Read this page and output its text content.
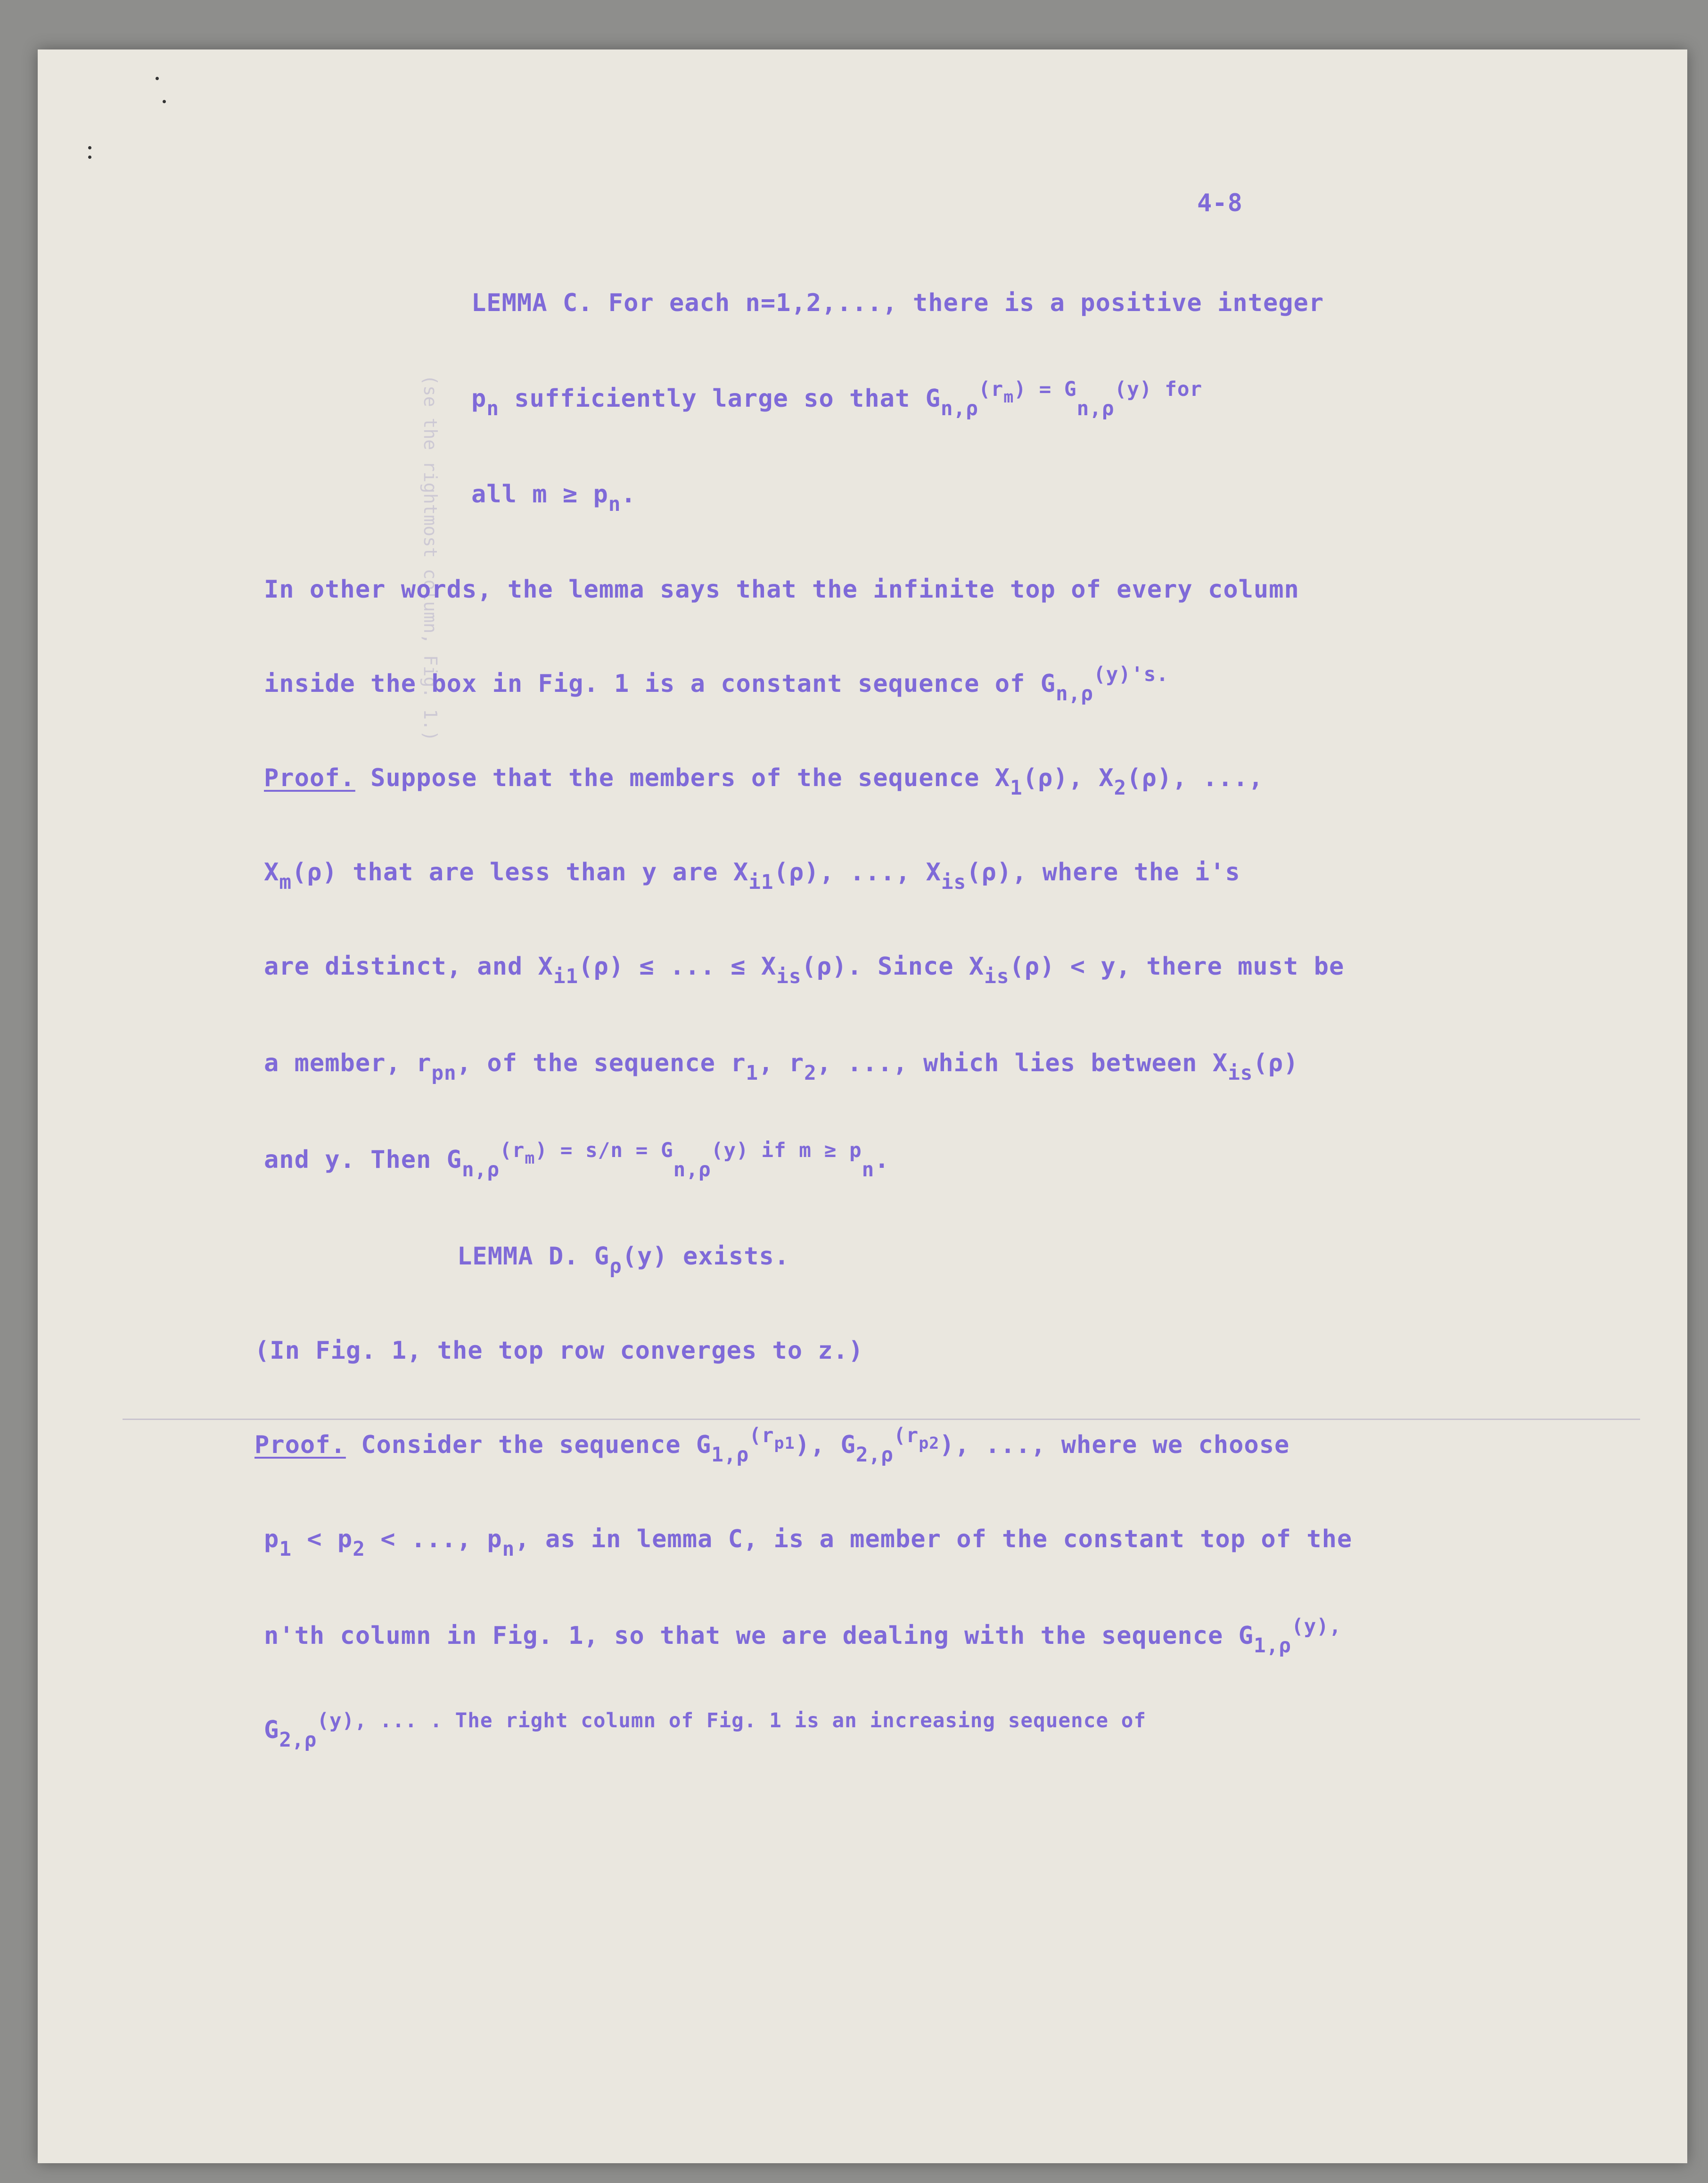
(se the rightmost column, Fig. 1.)
4-8
LEMMA C. For each n=1,2,..., there is a positive integer
$p_n$ sufficiently large so that $G_{n,\rho}^{(r_m) = G}_{n,\rho}^{(y) for}$
all $m \ge p_n$.
In other words, the lemma says that the infinite top of every column
inside the box in Fig. 1 is a constant sequence of $G_{n,\rho}^{(y)'s.}$
Proof. Suppose that the members of the sequence $X_1(\rho)$, $X_2(\rho)$, ...,
$X_m(\rho)$ that are less than y are $X_{i1}(\rho)$, ..., $X_{is}(\rho)$, where the i's
are distinct, and $X_{i1}(\rho)$ ≤ ... ≤ $X_{is}(\rho)$. Since $X_{is}(\rho) < y$, there must be
a member, $r_{pn}$, of the sequence $r_1$, $r_2$, ..., which lies between $X_{is}(\rho)$
and y. Then $G_{n,\rho}^{(r_m) = s/n = G}_{n,\rho}^{(y) if m \ge p}_n$.
LEMMA D. $G_\rho(y)$ exists.
(In Fig. 1, the top row converges to z.)
Proof. Consider the sequence $G_{1,\rho}^{(r_{p1}}$), $G_{2,\rho}^{(r_{p2}}$), ..., where we choose
$p_1 < p_2$ < ..., $p_n$, as in lemma C, is a member of the constant top of the
n'th column in Fig. 1, so that we are dealing with the sequence $G_{1,\rho}^{(y),}$
$G_{2,\rho}^{(y), ... . The right column of Fig. 1 is an increasing sequence of}$
